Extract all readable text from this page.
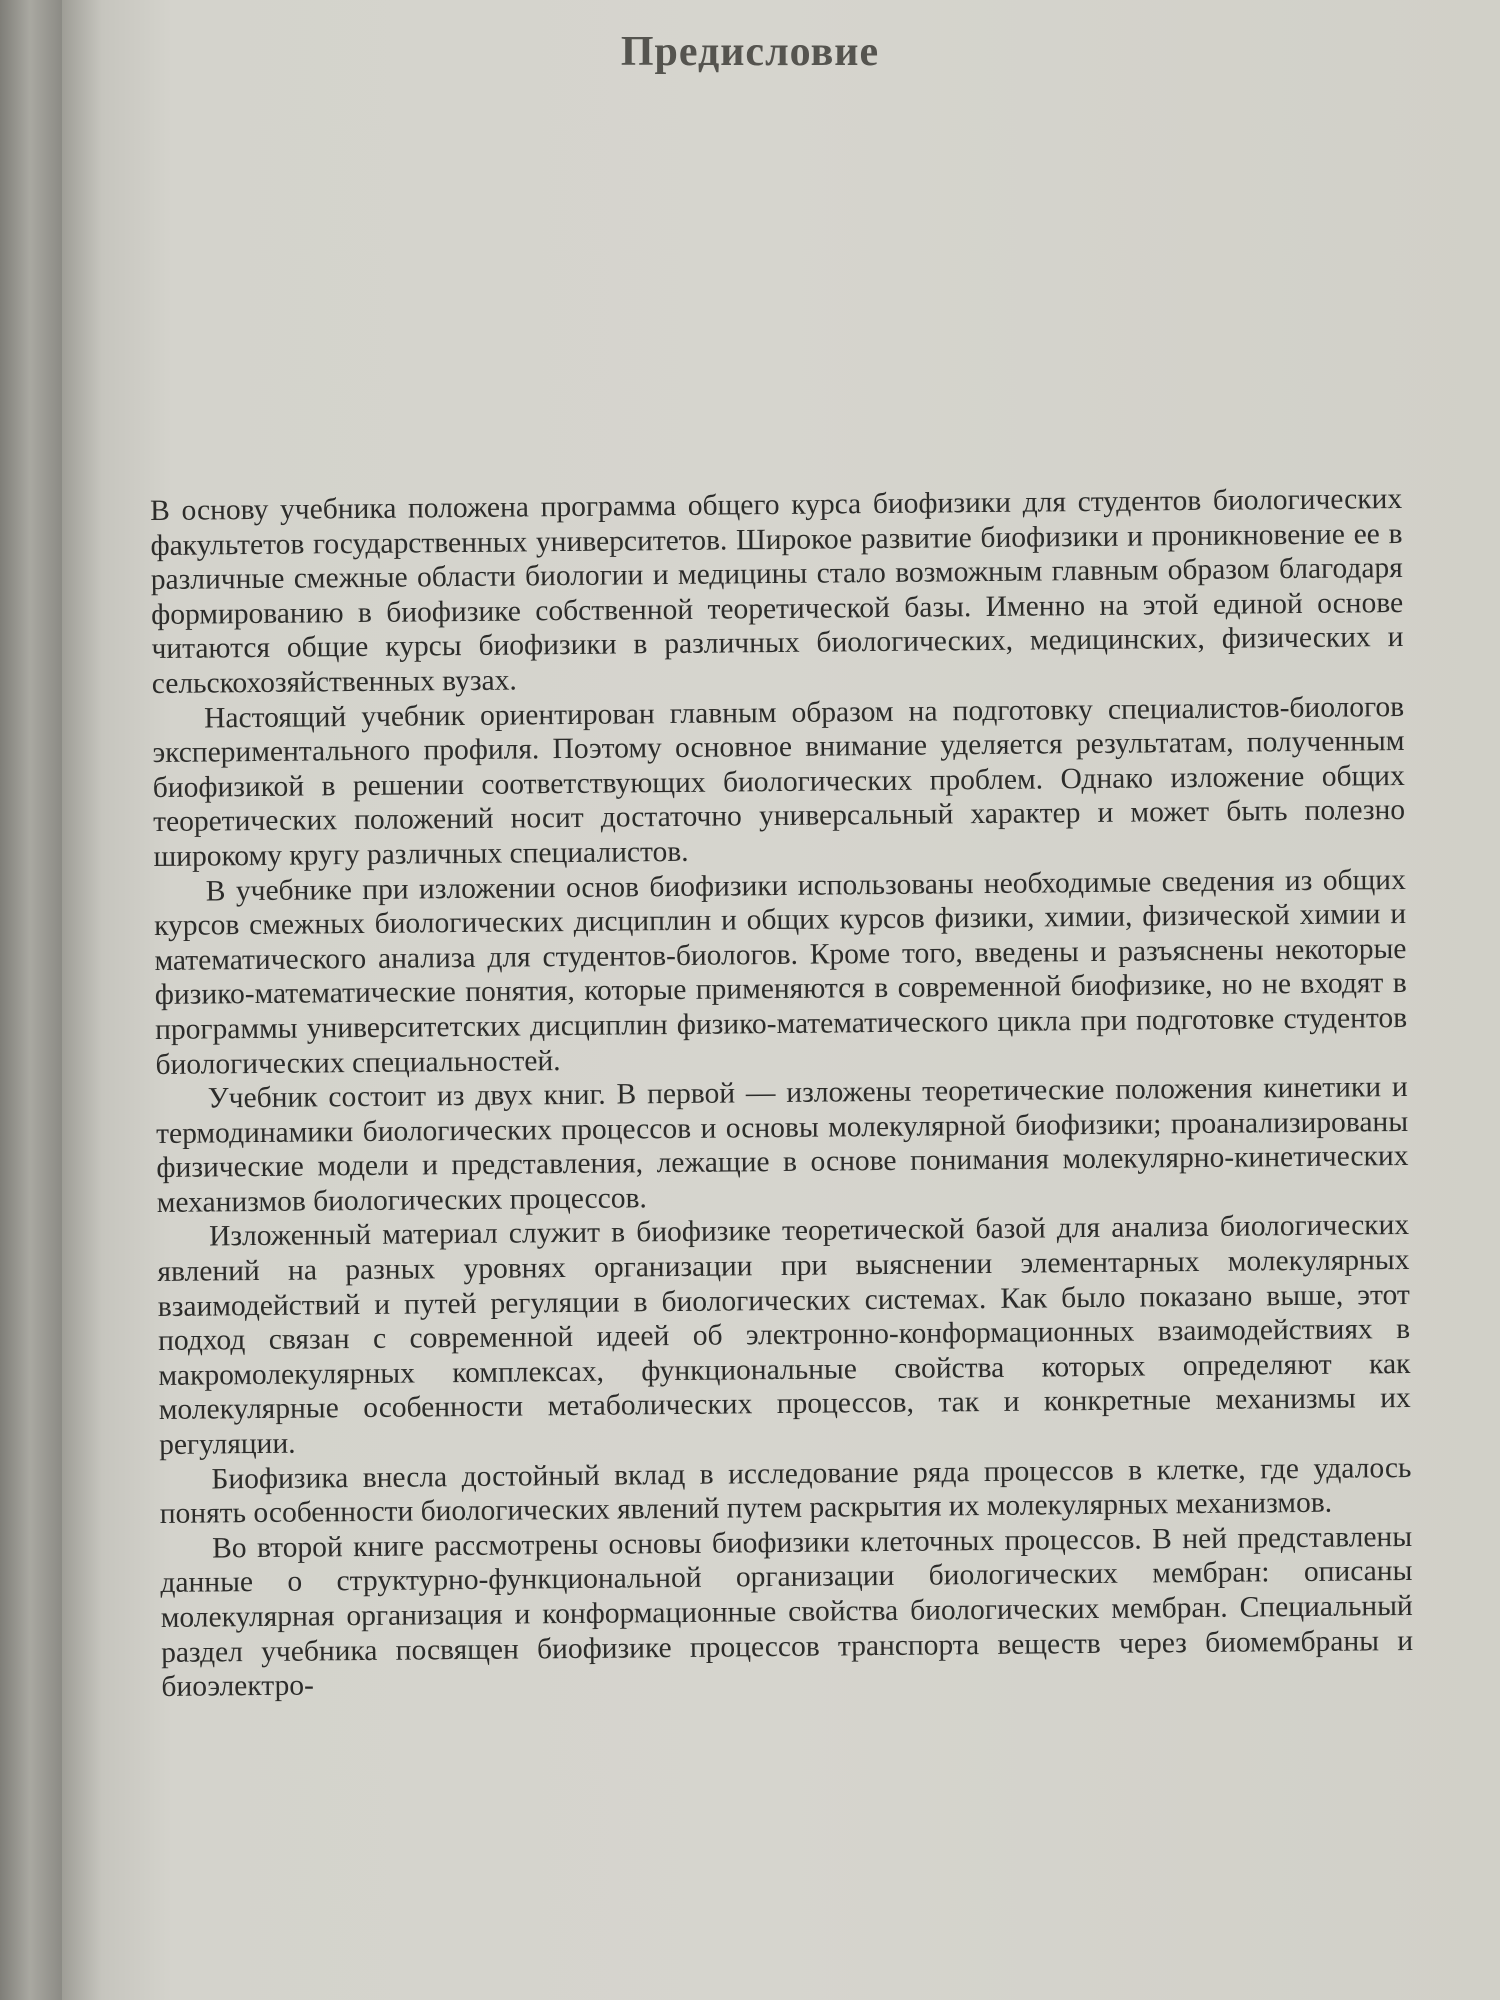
Предисловие

В основу учебника положена программа общего курса биофизики для студентов биологических факультетов государственных университетов. Широкое развитие биофизики и проникновение ее в различные смежные области биологии и медицины стало возможным главным образом благодаря формированию в биофизике собственной теоретической базы. Именно на этой единой основе читаются общие курсы биофизики в различных биологических, медицинских, физических и сельскохозяйственных вузах.

Настоящий учебник ориентирован главным образом на подготовку специалистов-биологов экспериментального профиля. Поэтому основное внимание уделяется результатам, полученным биофизикой в решении соответствующих биологических проблем. Однако изложение общих теоретических положений носит достаточно универсальный характер и может быть полезно широкому кругу различных специалистов.

В учебнике при изложении основ биофизики использованы необходимые сведения из общих курсов смежных биологических дисциплин и общих курсов физики, химии, физической химии и математического анализа для студентов-биологов. Кроме того, введены и разъяснены некоторые физико-математические понятия, которые применяются в современной биофизике, но не входят в программы университетских дисциплин физико-математического цикла при подготовке студентов биологических специальностей.

Учебник состоит из двух книг. В первой — изложены теоретические положения кинетики и термодинамики биологических процессов и основы молекулярной биофизики; проанализированы физические модели и представления, лежащие в основе понимания молекулярно-кинетических механизмов биологических процессов.

Изложенный материал служит в биофизике теоретической базой для анализа биологических явлений на разных уровнях организации при выяснении элементарных молекулярных взаимодействий и путей регуляции в биологических системах. Как было показано выше, этот подход связан с современной идеей об электронно-конформационных взаимодействиях в макромолекулярных комплексах, функциональные свойства которых определяют как молекулярные особенности метаболических процессов, так и конкретные механизмы их регуляции.

Биофизика внесла достойный вклад в исследование ряда процессов в клетке, где удалось понять особенности биологических явлений путем раскрытия их молекулярных механизмов.

Во второй книге рассмотрены основы биофизики клеточных процессов. В ней представлены данные о структурно-функциональной организации биологических мембран: описаны молекулярная организация и конформационные свойства биологических мембран. Специальный раздел учебника посвящен биофизике процессов транспорта веществ через биомембраны и биоэлектро-
